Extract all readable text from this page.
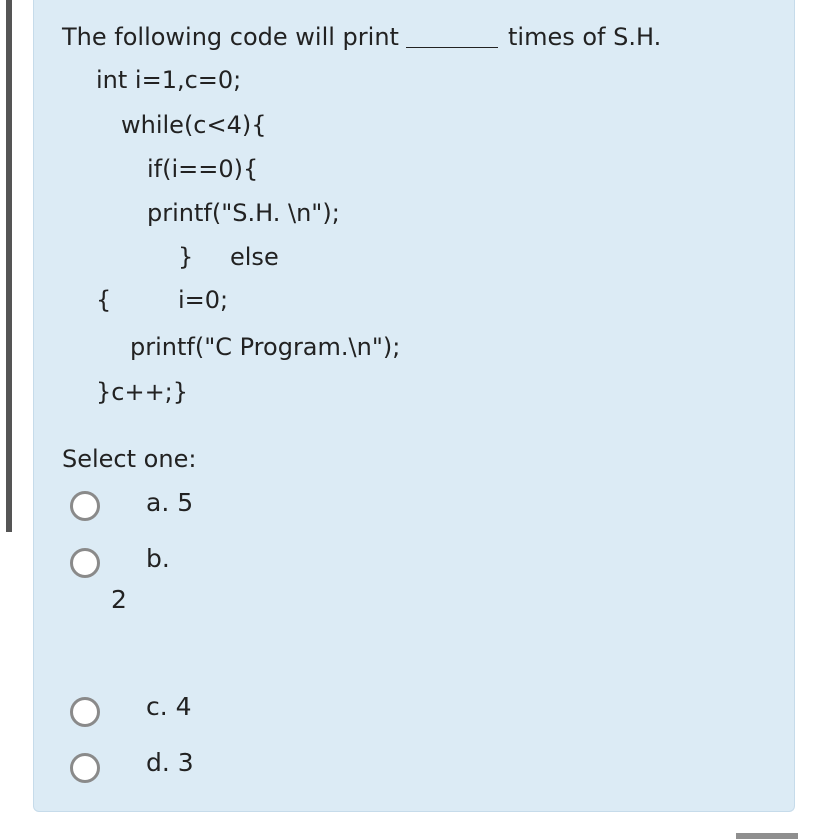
The following code will print	times of S.H.
int i=1,c=0;
while(c<4){
if(i==0){
printf("S.H. \n");
} else
{	i=0;
printf("C Program.\n");
}c++;}
Select one:
a. 5
b.
2
c. 4
d. 3
